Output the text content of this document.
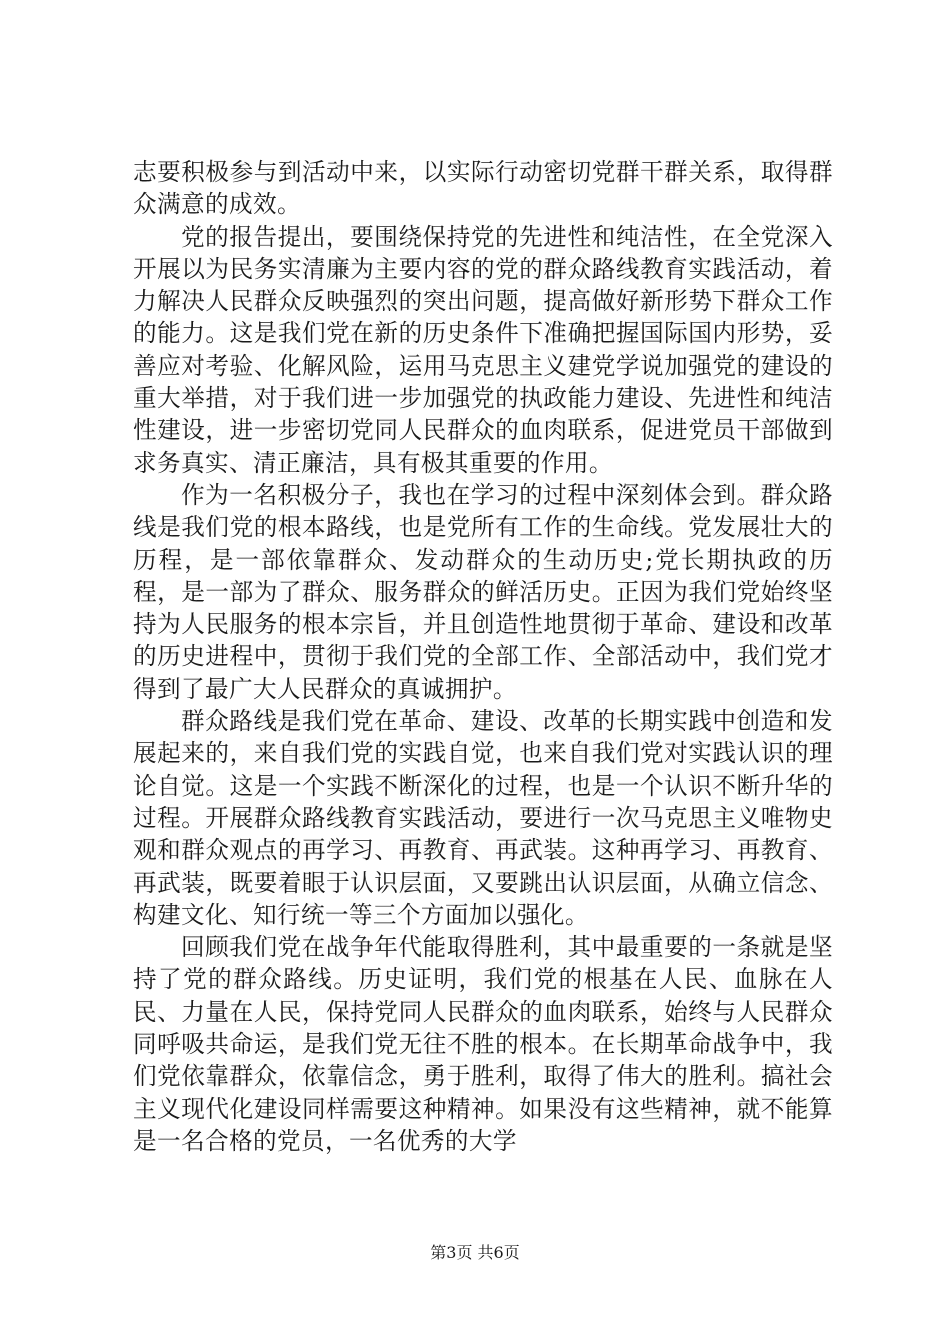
志要积极参与到活动中来，以实际行动密切党群干群关系，取得群众满意的成效。

党的报告提出，要围绕保持党的先进性和纯洁性，在全党深入开展以为民务实清廉为主要内容的党的群众路线教育实践活动，着力解决人民群众反映强烈的突出问题，提高做好新形势下群众工作的能力。这是我们党在新的历史条件下准确把握国际国内形势，妥善应对考验、化解风险，运用马克思主义建党学说加强党的建设的重大举措，对于我们进一步加强党的执政能力建设、先进性和纯洁性建设，进一步密切党同人民群众的血肉联系，促进党员干部做到求务真实、清正廉洁，具有极其重要的作用。

作为一名积极分子，我也在学习的过程中深刻体会到。群众路线是我们党的根本路线，也是党所有工作的生命线。党发展壮大的历程，是一部依靠群众、发动群众的生动历史;党长期执政的历程，是一部为了群众、服务群众的鲜活历史。正因为我们党始终坚持为人民服务的根本宗旨，并且创造性地贯彻于革命、建设和改革的历史进程中，贯彻于我们党的全部工作、全部活动中，我们党才得到了最广大人民群众的真诚拥护。

群众路线是我们党在革命、建设、改革的长期实践中创造和发展起来的，来自我们党的实践自觉，也来自我们党对实践认识的理论自觉。这是一个实践不断深化的过程，也是一个认识不断升华的过程。开展群众路线教育实践活动，要进行一次马克思主义唯物史观和群众观点的再学习、再教育、再武装。这种再学习、再教育、再武装，既要着眼于认识层面，又要跳出认识层面，从确立信念、构建文化、知行统一等三个方面加以强化。

回顾我们党在战争年代能取得胜利，其中最重要的一条就是坚持了党的群众路线。历史证明，我们党的根基在人民、血脉在人民、力量在人民，保持党同人民群众的血肉联系，始终与人民群众同呼吸共命运，是我们党无往不胜的根本。在长期革命战争中，我们党依靠群众，依靠信念，勇于胜利，取得了伟大的胜利。搞社会主义现代化建设同样需要这种精神。如果没有这些精神，就不能算是一名合格的党员，一名优秀的大学

第3页 共6页
